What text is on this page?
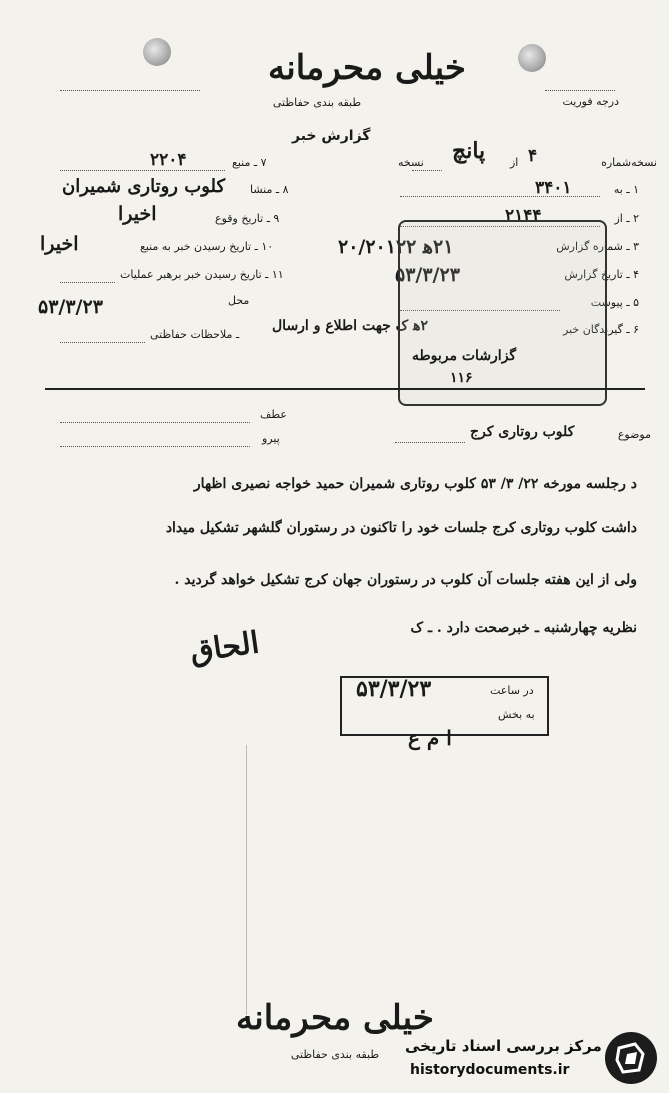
خیلی محرمانه
طبقه بندی حفاظتی	درجه فوریت
گزارش خبر
نسخه‌شماره
۴
از
پانچ
نسخه
۱ ـ به
۳۴۰۱
۲ ـ از
۲۱۴۴
۳ ـ شماره گزارش
۲۱ه‍ ۲۰/۲۰۱۲۲
۴ ـ تاریخ گزارش
۵۳/۳/۲۳
۵ ـ پیوست
۶ ـ گیرندگان خبر
۲ه‍ ک جهت اطلاع و ارسال
گزارشات مربوطه
۱۱۶
۷ ـ منبع
۲۲۰۴
۸ ـ منشا
کلوب روتاری شمیران
۹ ـ تاریخ وقوع
اخیرا
۱۰ ـ تاریخ رسیدن خبر به منبع
اخیرا
۱۱ ـ تاریخ رسیدن خبر برهبر عملیات
محل
۵۳/۳/۲۳
ـ ملاحظات حفاظتی
عطف
پیرو	موضوع
کلوب روتاری کرج
د رجلسه مورخه ۲۲/ ۳/ ۵۳ کلوب روتاری شمیران حمید خواجه نصیری اظهار
داشت کلوب روتاری کرج جلسات خود را تاکنون در رستوران گلشهر تشکیل میداد
ولی از این هفته جلسات آن کلوب در رستوران جهان کرج تشکیل خواهد گردید .
نظریه چهارشنبه ـ خبرصحت دارد . ـ ک
الحاق
در ساعت
به بخش
۵۳/۳/۲۳
ا م ع
خیلی محرمانه
طبقه بندی حفاظتی مرکز بررسی اسناد تاریخی
historydocuments.ir
